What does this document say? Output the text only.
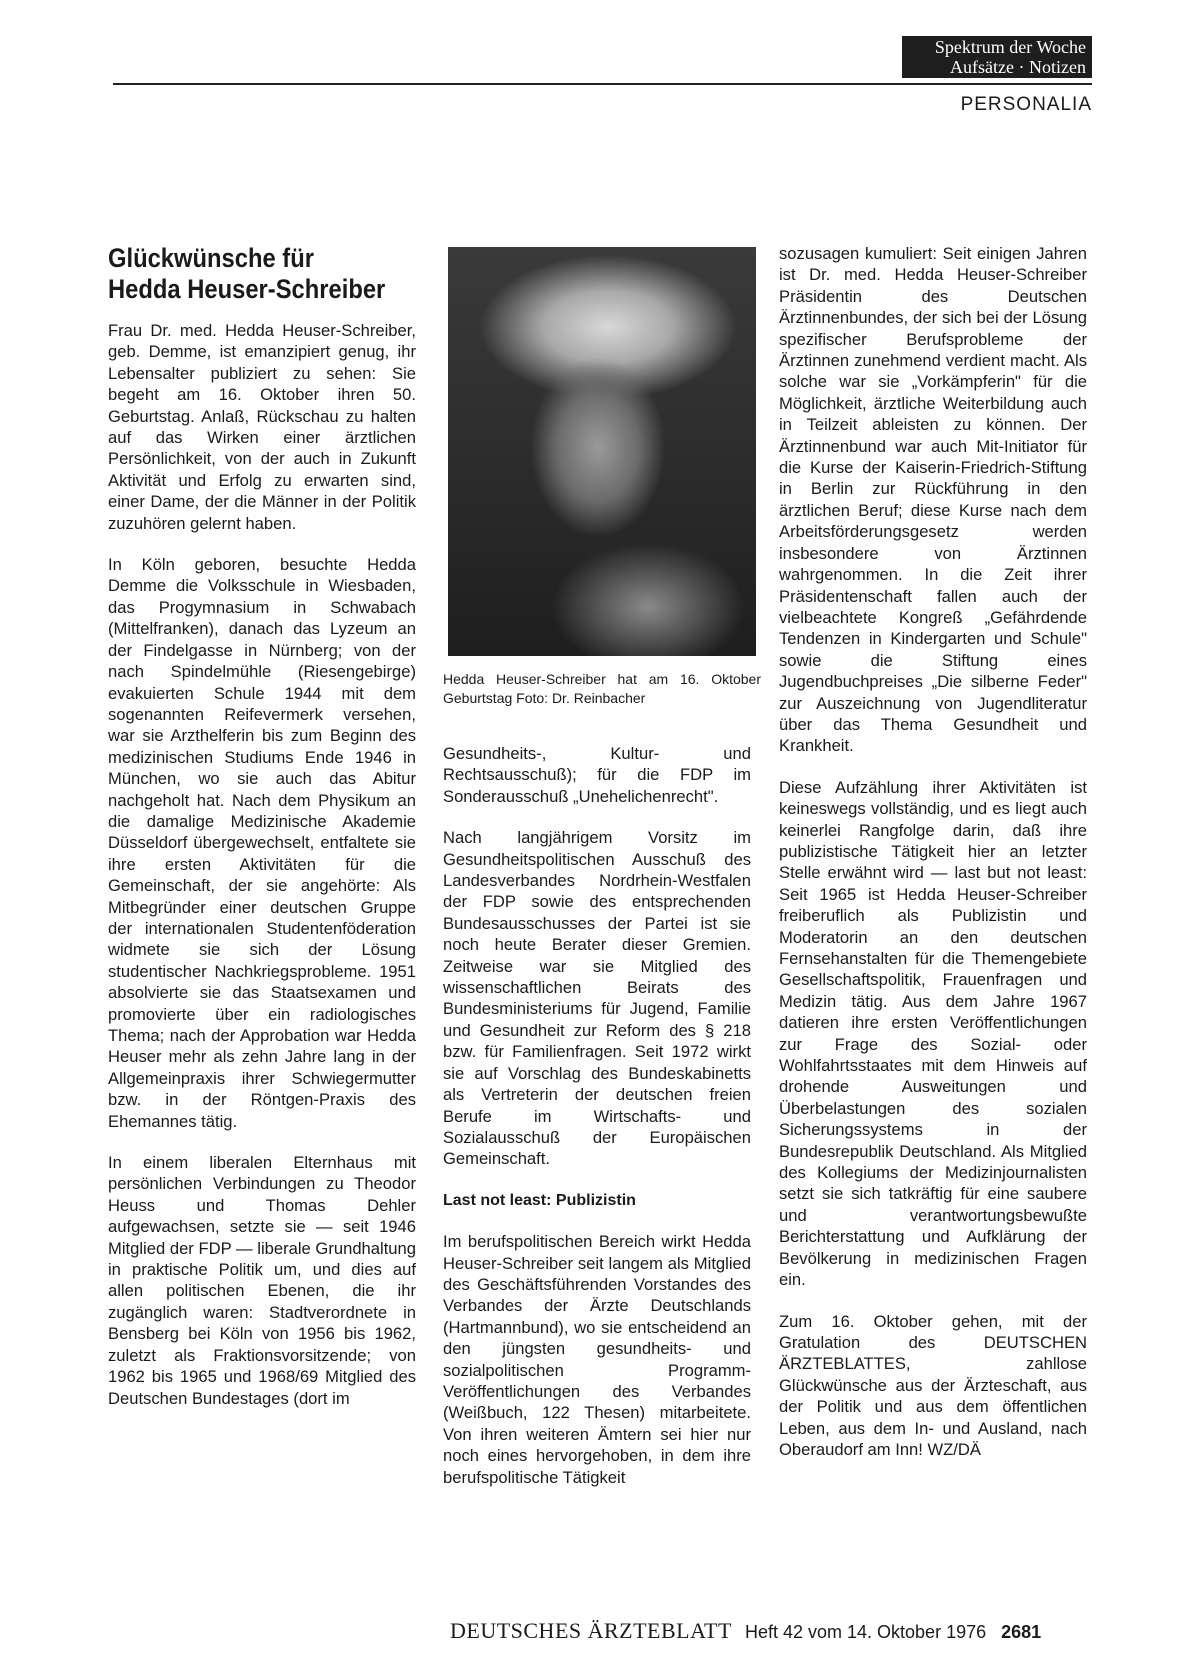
Spektrum der Woche
Aufsätze · Notizen
PERSONALIA
Glückwünsche für
Hedda Heuser-Schreiber

Frau Dr. med. Hedda Heuser-Schreiber, geb. Demme, ist emanzipiert genug, ihr Lebensalter publiziert zu sehen: Sie begeht am 16. Oktober ihren 50. Geburtstag. Anlaß, Rückschau zu halten auf das Wirken einer ärztlichen Persönlichkeit, von der auch in Zukunft Aktivität und Erfolg zu erwarten sind, einer Dame, der die Männer in der Politik zuzuhören gelernt haben.

In Köln geboren, besuchte Hedda Demme die Volksschule in Wiesbaden, das Progymnasium in Schwabach (Mittelfranken), danach das Lyzeum an der Findelgasse in Nürnberg; von der nach Spindelmühle (Riesengebirge) evakuierten Schule 1944 mit dem sogenannten Reifevermerk versehen, war sie Arzthelferin bis zum Beginn des medizinischen Studiums Ende 1946 in München, wo sie auch das Abitur nachgeholt hat. Nach dem Physikum an die damalige Medizinische Akademie Düsseldorf übergewechselt, entfaltete sie ihre ersten Aktivitäten für die Gemeinschaft, der sie angehörte: Als Mitbegründer einer deutschen Gruppe der internationalen Studentenföderation widmete sie sich der Lösung studentischer Nachkriegsprobleme. 1951 absolvierte sie das Staatsexamen und promovierte über ein radiologisches Thema; nach der Approbation war Hedda Heuser mehr als zehn Jahre lang in der Allgemeinpraxis ihrer Schwiegermutter bzw. in der Röntgen-Praxis des Ehemannes tätig.

In einem liberalen Elternhaus mit persönlichen Verbindungen zu Theodor Heuss und Thomas Dehler aufgewachsen, setzte sie — seit 1946 Mitglied der FDP — liberale Grundhaltung in praktische Politik um, und dies auf allen politischen Ebenen, die ihr zugänglich waren: Stadtverordnete in Bensberg bei Köln von 1956 bis 1962, zuletzt als Fraktionsvorsitzende; von 1962 bis 1965 und 1968/69 Mitglied des Deutschen Bundestages (dort im

Hedda Heuser-Schreiber hat am 16. Oktober Geburtstag Foto: Dr. Reinbacher

Gesundheits-, Kultur- und Rechtsausschuß); für die FDP im Sonderausschuß „Unehelichenrecht".

Nach langjährigem Vorsitz im Gesundheitspolitischen Ausschuß des Landesverbandes Nordrhein-Westfalen der FDP sowie des entsprechenden Bundesausschusses der Partei ist sie noch heute Berater dieser Gremien. Zeitweise war sie Mitglied des wissenschaftlichen Beirats des Bundesministeriums für Jugend, Familie und Gesundheit zur Reform des § 218 bzw. für Familienfragen. Seit 1972 wirkt sie auf Vorschlag des Bundeskabinetts als Vertreterin der deutschen freien Berufe im Wirtschafts- und Sozialausschuß der Europäischen Gemeinschaft.

Last not least: Publizistin

Im berufspolitischen Bereich wirkt Hedda Heuser-Schreiber seit langem als Mitglied des Geschäftsführenden Vorstandes des Verbandes der Ärzte Deutschlands (Hartmannbund), wo sie entscheidend an den jüngsten gesundheits- und sozialpolitischen Programm-Veröffentlichungen des Verbandes (Weißbuch, 122 Thesen) mitarbeitete. Von ihren weiteren Ämtern sei hier nur noch eines hervorgehoben, in dem ihre berufspolitische Tätigkeit

sozusagen kumuliert: Seit einigen Jahren ist Dr. med. Hedda Heuser-Schreiber Präsidentin des Deutschen Ärztinnenbundes, der sich bei der Lösung spezifischer Berufsprobleme der Ärztinnen zunehmend verdient macht. Als solche war sie „Vorkämpferin" für die Möglichkeit, ärztliche Weiterbildung auch in Teilzeit ableisten zu können. Der Ärztinnenbund war auch Mit-Initiator für die Kurse der Kaiserin-Friedrich-Stiftung in Berlin zur Rückführung in den ärztlichen Beruf; diese Kurse nach dem Arbeitsförderungsgesetz werden insbesondere von Ärztinnen wahrgenommen. In die Zeit ihrer Präsidentenschaft fallen auch der vielbeachtete Kongreß „Gefährdende Tendenzen in Kindergarten und Schule" sowie die Stiftung eines Jugendbuchpreises „Die silberne Feder" zur Auszeichnung von Jugendliteratur über das Thema Gesundheit und Krankheit.

Diese Aufzählung ihrer Aktivitäten ist keineswegs vollständig, und es liegt auch keinerlei Rangfolge darin, daß ihre publizistische Tätigkeit hier an letzter Stelle erwähnt wird — last but not least: Seit 1965 ist Hedda Heuser-Schreiber freiberuflich als Publizistin und Moderatorin an den deutschen Fernsehanstalten für die Themengebiete Gesellschaftspolitik, Frauenfragen und Medizin tätig. Aus dem Jahre 1967 datieren ihre ersten Veröffentlichungen zur Frage des Sozial- oder Wohlfahrtsstaates mit dem Hinweis auf drohende Ausweitungen und Überbelastungen des sozialen Sicherungssystems in der Bundesrepublik Deutschland. Als Mitglied des Kollegiums der Medizinjournalisten setzt sie sich tatkräftig für eine saubere und verantwortungsbewußte Berichterstattung und Aufklärung der Bevölkerung in medizinischen Fragen ein.

Zum 16. Oktober gehen, mit der Gratulation des DEUTSCHEN ÄRZTEBLATTES, zahllose Glückwünsche aus der Ärzteschaft, aus der Politik und aus dem öffentlichen Leben, aus dem In- und Ausland, nach Oberaudorf am Inn! WZ/DÄ

DEUTSCHES ÄRZTEBLATT Heft 42 vom 14. Oktober 1976 2681
